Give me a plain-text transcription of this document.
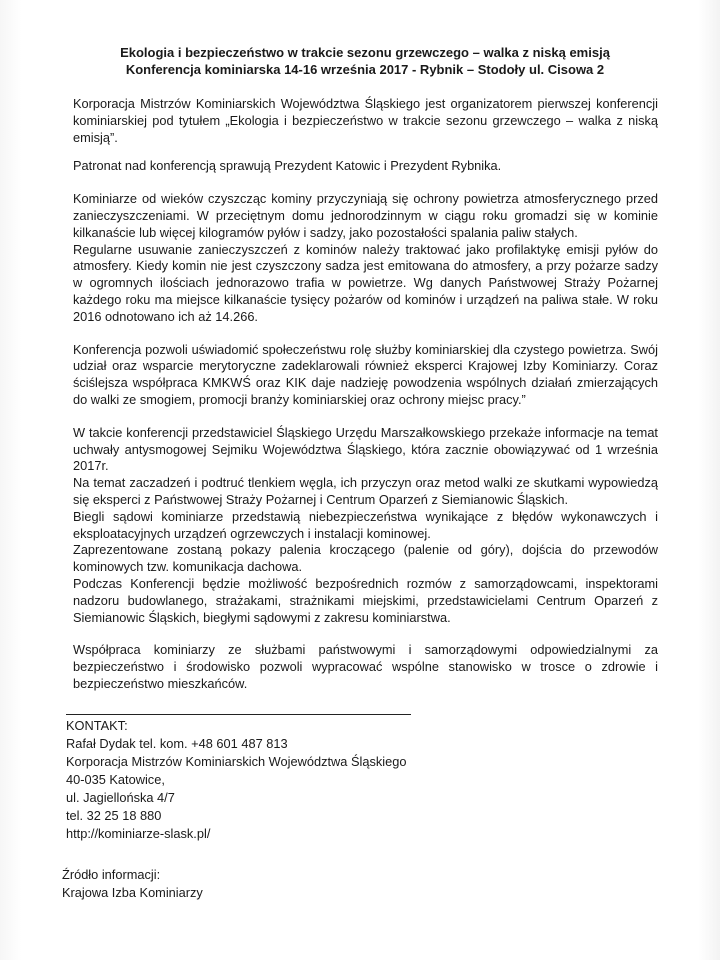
Ekologia i bezpieczeństwo w trakcie sezonu grzewczego – walka z niską emisją
Konferencja kominiarska 14-16 września 2017 - Rybnik – Stodoły ul. Cisowa 2

Korporacja Mistrzów Kominiarskich Województwa Śląskiego jest organizatorem pierwszej konferencji kominiarskiej pod tytułem „Ekologia i bezpieczeństwo w trakcie sezonu grzewczego – walka z niską emisją”.

Patronat nad konferencją sprawują Prezydent Katowic i Prezydent Rybnika.

Kominiarze od wieków czyszcząc kominy przyczyniają się ochrony powietrza atmosferycznego przed zanieczyszczeniami. W przeciętnym domu jednorodzinnym w ciągu roku gromadzi się w kominie kilkanaście lub więcej kilogramów pyłów i sadzy, jako pozostałości spalania paliw stałych.

Regularne usuwanie zanieczyszczeń z kominów należy traktować jako profilaktykę emisji pyłów do atmosfery. Kiedy komin nie jest czyszczony sadza jest emitowana do atmosfery, a przy pożarze sadzy w ogromnych ilościach jednorazowo trafia w powietrze. Wg danych Państwowej Straży Pożarnej każdego roku ma miejsce kilkanaście tysięcy pożarów od kominów i urządzeń na paliwa stałe. W roku 2016 odnotowano ich aż 14.266.

Konferencja pozwoli uświadomić społeczeństwu rolę służby kominiarskiej dla czystego powietrza. Swój udział oraz wsparcie merytoryczne zadeklarowali również eksperci Krajowej Izby Kominiarzy. Coraz ściślejsza współpraca KMKWŚ oraz KIK daje nadzieję powodzenia wspólnych działań zmierzających do walki ze smogiem, promocji branży kominiarskiej oraz ochrony miejsc pracy.”

W takcie konferencji przedstawiciel Śląskiego Urzędu Marszałkowskiego przekaże informacje na temat uchwały antysmogowej Sejmiku Województwa Śląskiego, która zacznie obowiązywać od 1 września 2017r.

Na temat zaczadzeń i podtruć tlenkiem węgla, ich przyczyn oraz metod walki ze skutkami wypowiedzą się eksperci z Państwowej Straży Pożarnej i Centrum Oparzeń z Siemianowic Śląskich.

Biegli sądowi kominiarze przedstawią niebezpieczeństwa wynikające z błędów wykonawczych i eksploatacyjnych urządzeń ogrzewczych i instalacji kominowej.

Zaprezentowane zostaną pokazy palenia kroczącego (palenie od góry), dojścia do przewodów kominowych tzw. komunikacja dachowa.

Podczas Konferencji będzie możliwość bezpośrednich rozmów z samorządowcami, inspektorami nadzoru budowlanego, strażakami, strażnikami miejskimi, przedstawicielami Centrum Oparzeń z Siemianowic Śląskich, biegłymi sądowymi z zakresu kominiarstwa.

Współpraca kominiarzy ze służbami państwowymi i samorządowymi odpowiedzialnymi za bezpieczeństwo i środowisko pozwoli wypracować wspólne stanowisko w trosce o zdrowie i bezpieczeństwo mieszkańców.

KONTAKT:
Rafał Dydak tel. kom. +48 601 487 813
Korporacja Mistrzów Kominiarskich Województwa Śląskiego
40-035 Katowice,
ul. Jagiellońska 4/7
tel. 32 25 18 880
http://kominiarze-slask.pl/
Źródło informacji:
Krajowa Izba Kominiarzy
